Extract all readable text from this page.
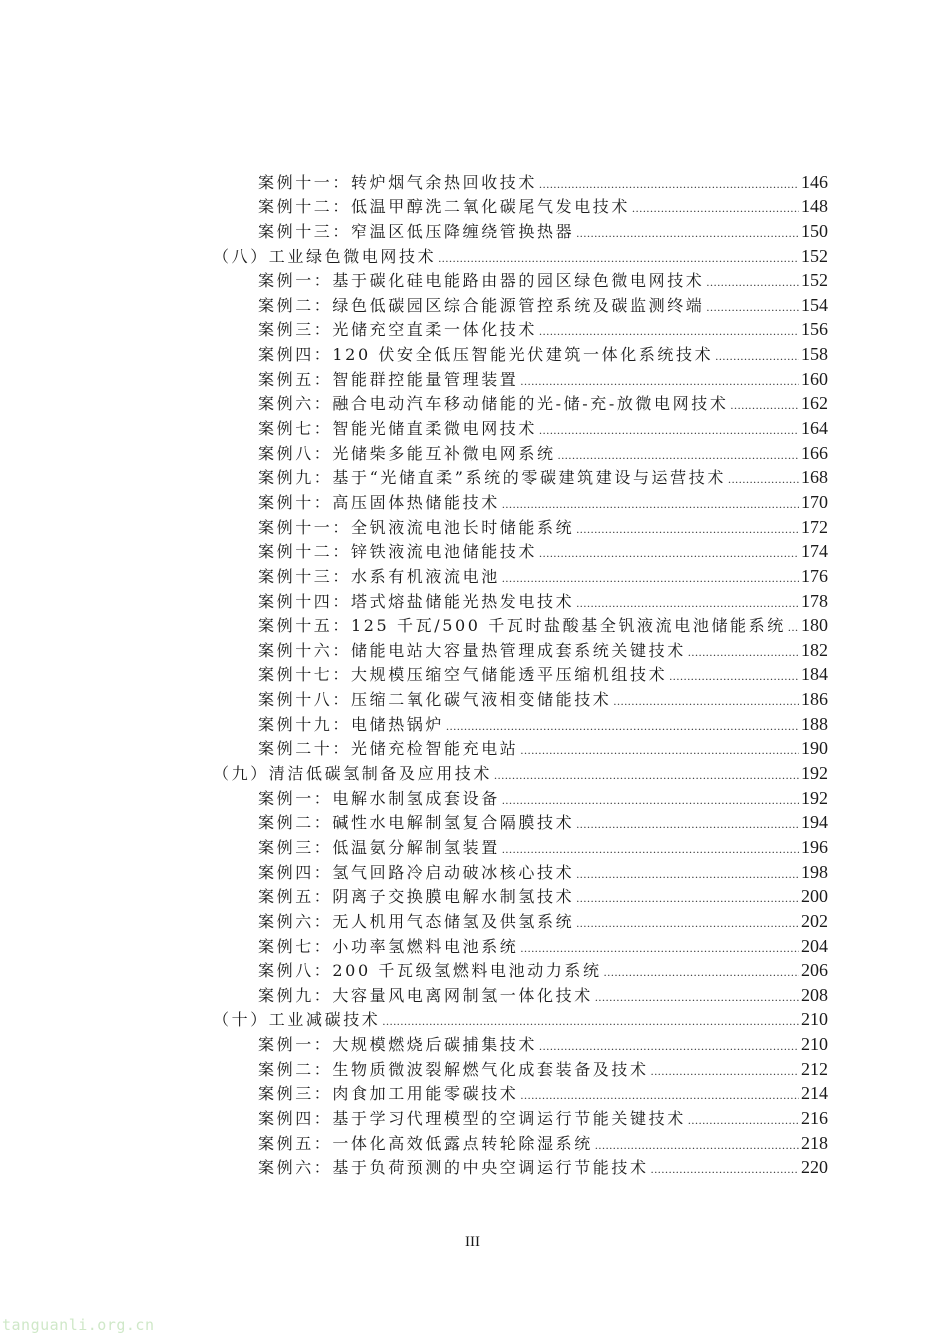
案例十一：转炉烟气余热回收技术 .....	146
案例十二：低温甲醇洗二氧化碳尾气发电技术 .....	148
案例十三：窄温区低压降缠绕管换热器 .....	150
（八）工业绿色微电网技术 .....	152
案例一：基于碳化硅电能路由器的园区绿色微电网技术 .....	152
案例二：绿色低碳园区综合能源管控系统及碳监测终端 .....	154
案例三：光储充空直柔一体化技术 .....	156
案例四：120 伏安全低压智能光伏建筑一体化系统技术 .....	158
案例五：智能群控能量管理装置 .....	160
案例六：融合电动汽车移动储能的光-储-充-放微电网技术 .....	162
案例七：智能光储直柔微电网技术 .....	164
案例八：光储柴多能互补微电网系统 .....	166
案例九：基于“光储直柔”系统的零碳建筑建设与运营技术 .....	168
案例十：高压固体热储能技术 .....	170
案例十一：全钒液流电池长时储能系统 .....	172
案例十二：锌铁液流电池储能技术 .....	174
案例十三：水系有机液流电池 .....	176
案例十四：塔式熔盐储能光热发电技术 .....	178
案例十五：125 千瓦/500 千瓦时盐酸基全钒液流电池储能系统 ..... 180
案例十六：储能电站大容量热管理成套系统关键技术 .....	182
案例十七：大规模压缩空气储能透平压缩机组技术 .....	184
案例十八：压缩二氧化碳气液相变储能技术 .....	186
案例十九：电储热锅炉 .....	188
案例二十：光储充检智能充电站 .....	190
（九）清洁低碳氢制备及应用技术 .....	192
案例一：电解水制氢成套设备 .....	192
案例二：碱性水电解制氢复合隔膜技术 .....	194
案例三：低温氨分解制氢装置 .....	196
案例四：氢气回路冷启动破冰核心技术 .....	198
案例五：阴离子交换膜电解水制氢技术 .....	200
案例六：无人机用气态储氢及供氢系统 .....	202
案例七：小功率氢燃料电池系统 .....	204
案例八：200 千瓦级氢燃料电池动力系统 .....	206
案例九：大容量风电离网制氢一体化技术 .....	208
（十）工业减碳技术 .....	210
案例一：大规模燃烧后碳捕集技术 .....	210
案例二：生物质微波裂解燃气化成套装备及技术 .....	212
案例三：肉食加工用能零碳技术 .....	214
案例四：基于学习代理模型的空调运行节能关键技术 .....	216
案例五：一体化高效低露点转轮除湿系统 .....	218
案例六：基于负荷预测的中央空调运行节能技术 .....	220
III
tanguanli.org.cn
